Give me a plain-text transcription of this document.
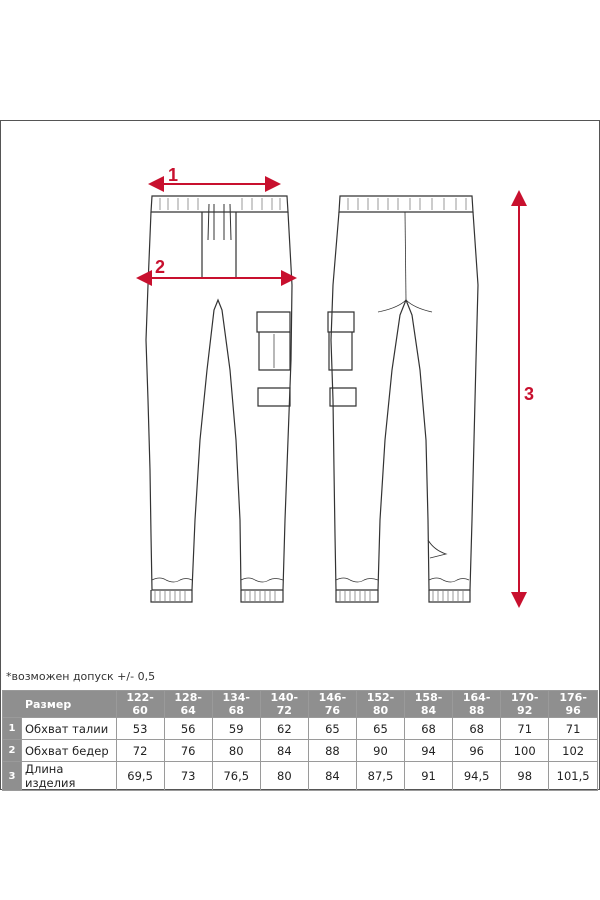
1
2
3
*возможен допуск +/- 0,5
Размер		122-60	128-64	134-68	140-72	146-76	152-80	158-84	164-88	170-92	176-96
1	Обхват талии	53	56	59	62	65	65	68	68	71	71
2	Обхват бедер	72	76	80	84	88	90	94	96	100	102
3	Длина изделия	69,5	73	76,5	80	84	87,5	91	94,5	98	101,5
